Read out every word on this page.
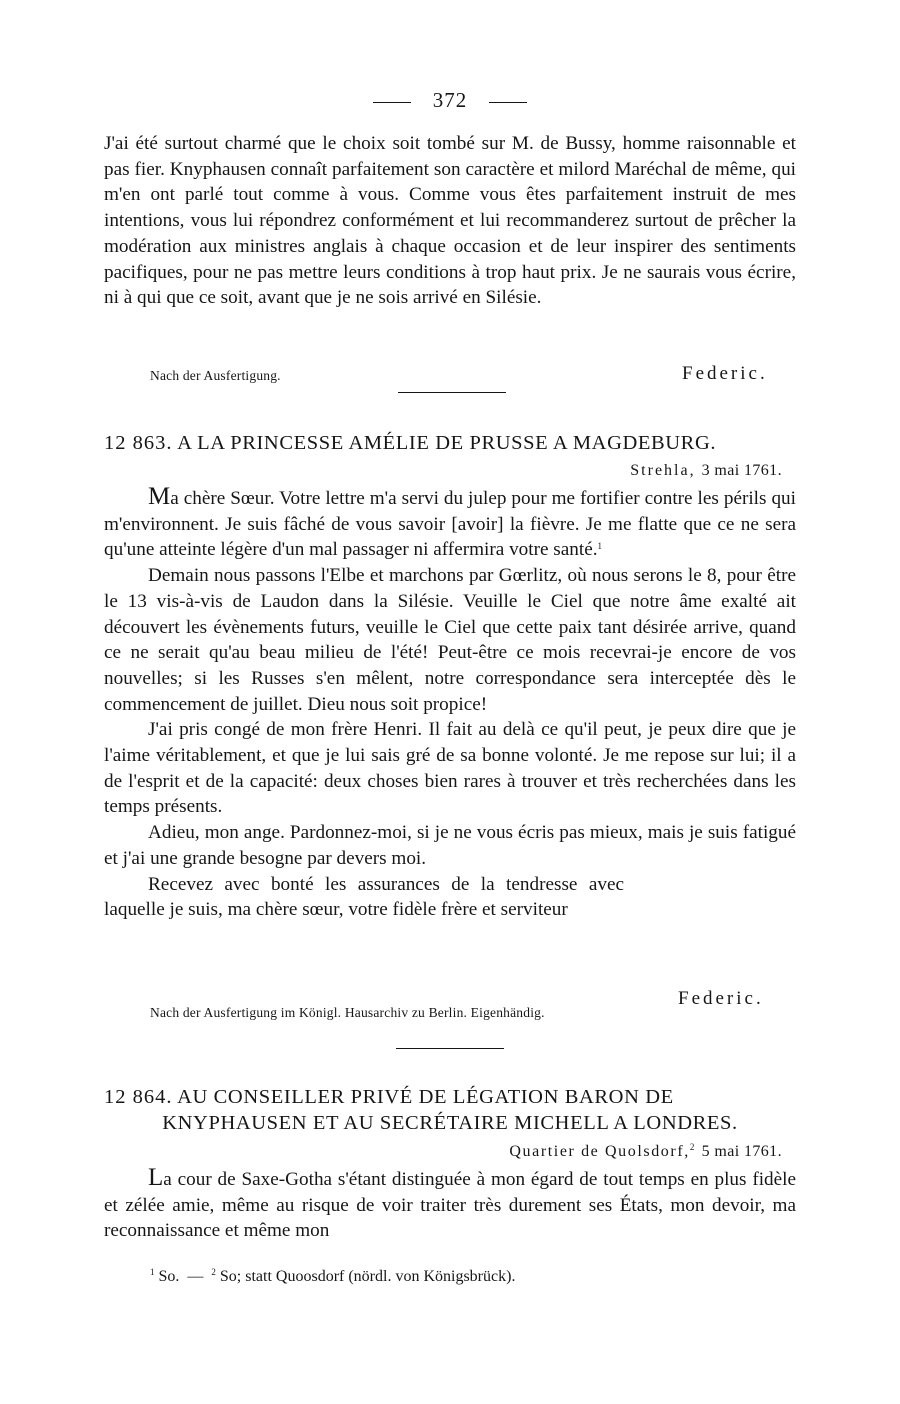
372

J'ai été surtout charmé que le choix soit tombé sur M. de Bussy, homme raisonnable et pas fier. Knyphausen connaît parfaitement son caractère et milord Maréchal de même, qui m'en ont parlé tout comme à vous. Comme vous êtes parfaitement instruit de mes intentions, vous lui répondrez conformément et lui recommanderez surtout de prêcher la modération aux ministres anglais à chaque occasion et de leur inspirer des sentiments pacifiques, pour ne pas mettre leurs conditions à trop haut prix. Je ne saurais vous écrire, ni à qui que ce soit, avant que je ne sois arrivé en Silésie.

Nach der Ausfertigung.	Federic.
12 863. A LA PRINCESSE AMÉLIE DE PRUSSE A MAGDEBURG.
Strehla, 3 mai 1761.

Ma chère Sœur. Votre lettre m'a servi du julep pour me fortifier contre les périls qui m'environnent. Je suis fâché de vous savoir [avoir] la fièvre. Je me flatte que ce ne sera qu'une atteinte légère d'un mal passager ni affermira votre santé.$^1$

Demain nous passons l'Elbe et marchons par Gœrlitz, où nous serons le 8, pour être le 13 vis-à-vis de Laudon dans la Silésie. Veuille le Ciel que notre âme exalté ait découvert les évènements futurs, veuille le Ciel que cette paix tant désirée arrive, quand ce ne serait qu'au beau milieu de l'été! Peut-être ce mois recevrai-je encore de vos nouvelles; si les Russes s'en mêlent, notre correspondance sera interceptée dès le commencement de juillet. Dieu nous soit propice!

J'ai pris congé de mon frère Henri. Il fait au delà ce qu'il peut, je peux dire que je l'aime véritablement, et que je lui sais gré de sa bonne volonté. Je me repose sur lui; il a de l'esprit et de la capacité: deux choses bien rares à trouver et très recherchées dans les temps présents.

Adieu, mon ange. Pardonnez-moi, si je ne vous écris pas mieux, mais je suis fatigué et j'ai une grande besogne par devers moi.

Recevez avec bonté les assurances de la tendresse avec laquelle je suis, ma chère sœur, votre fidèle frère et serviteur

Federic.
Nach der Ausfertigung im Königl. Hausarchiv zu Berlin. Eigenhändig.
12 864. AU CONSEILLER PRIVÉ DE LÉGATION BARON DE
KNYPHAUSEN ET AU SECRÉTAIRE MICHELL A LONDRES.
Quartier de Quolsdorf,$^2$ 5 mai 1761.

La cour de Saxe-Gotha s'étant distinguée à mon égard de tout temps en plus fidèle et zélée amie, même au risque de voir traiter très durement ses États, mon devoir, ma reconnaissance et même mon

$^1$ So. — $^2$ So; statt Quoosdorf (nördl. von Königsbrück).
